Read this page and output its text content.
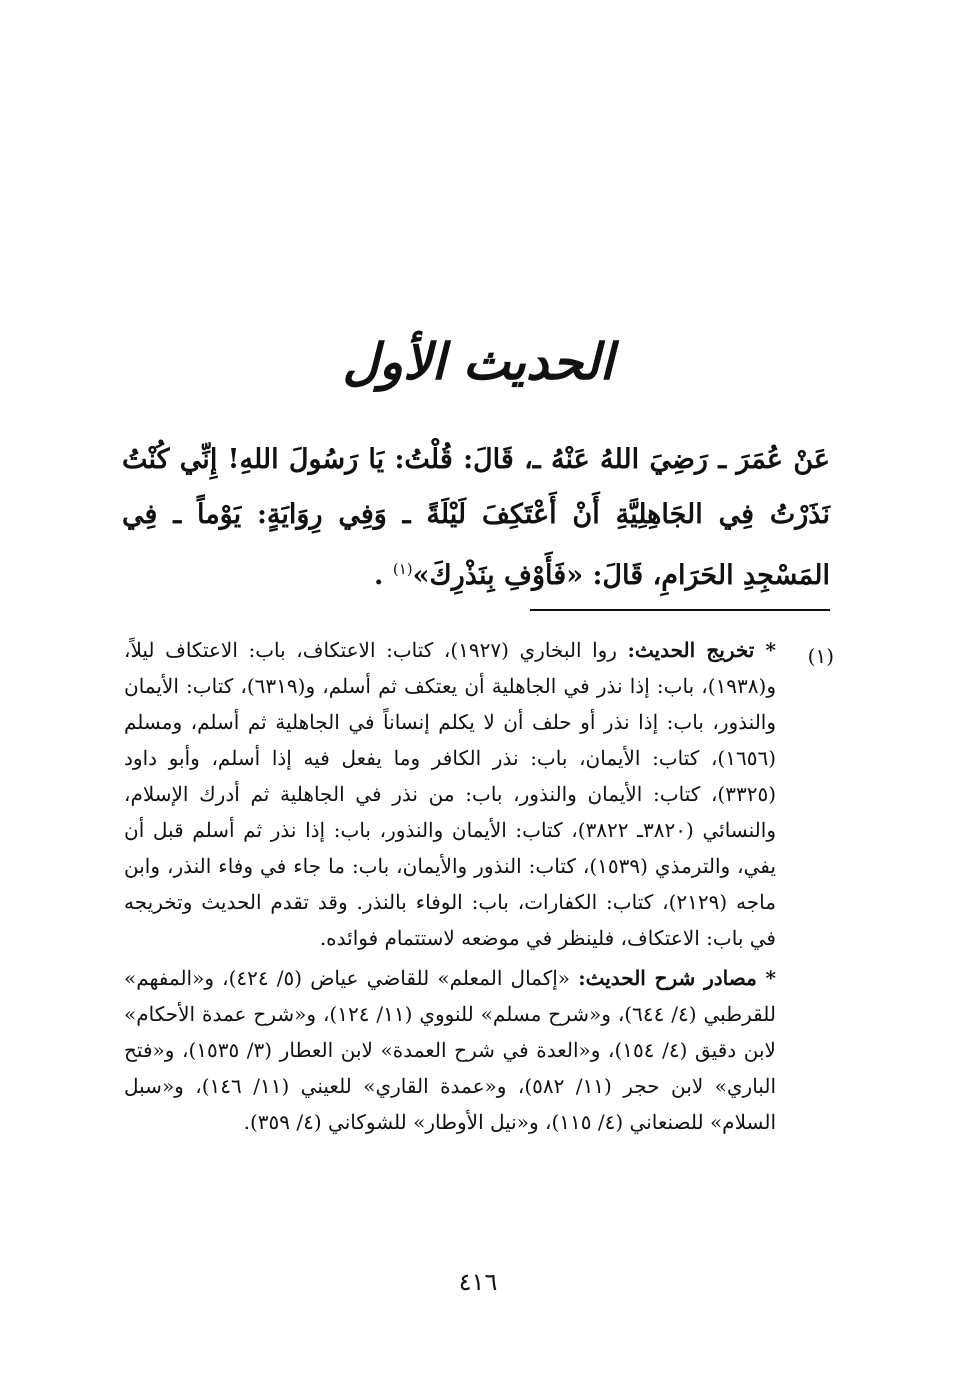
الحديث الأول

عَنْ عُمَرَ ـ رَضِيَ اللهُ عَنْهُ ـ، قَالَ: قُلْتُ: يَا رَسُولَ اللهِ! إِنِّي كُنْتُ نَذَرْتُ فِي الجَاهِلِيَّةِ أَنْ أَعْتَكِفَ لَيْلَةً ـ وَفِي رِوَايَةٍ: يَوْماً ـ فِي المَسْجِدِ الحَرَامِ، قَالَ: «فَأَوْفِ بِنَذْرِكَ»$^{(١)}$ .

(١)

* تخريج الحديث: روا البخاري (١٩٢٧)، كتاب: الاعتكاف، باب: الاعتكاف ليلاً، و(١٩٣٨)، باب: إذا نذر في الجاهلية أن يعتكف ثم أسلم، و(٦٣١٩)، كتاب: الأيمان والنذور، باب: إذا نذر أو حلف أن لا يكلم إنساناً في الجاهلية ثم أسلم، ومسلم (١٦٥٦)، كتاب: الأيمان، باب: نذر الكافر وما يفعل فيه إذا أسلم، وأبو داود (٣٣٢٥)، كتاب: الأيمان والنذور، باب: من نذر في الجاهلية ثم أدرك الإسلام، والنسائي (٣٨٢٠ـ ٣٨٢٢)، كتاب: الأيمان والنذور، باب: إذا نذر ثم أسلم قبل أن يفي، والترمذي (١٥٣٩)، كتاب: النذور والأيمان، باب: ما جاء في وفاء النذر، وابن ماجه (٢١٢٩)، كتاب: الكفارات، باب: الوفاء بالنذر. وقد تقدم الحديث وتخريجه في باب: الاعتكاف، فلينظر في موضعه لاستتمام فوائده.

* مصادر شرح الحديث: «إكمال المعلم» للقاضي عياض (٥/ ٤٢٤)، و«المفهم» للقرطبي (٤/ ٦٤٤)، و«شرح مسلم» للنووي (١١/ ١٢٤)، و«شرح عمدة الأحكام» لابن دقيق (٤/ ١٥٤)، و«العدة في شرح العمدة» لابن العطار (٣/ ١٥٣٥)، و«فتح الباري» لابن حجر (١١/ ٥٨٢)، و«عمدة القاري» للعيني (١١/ ١٤٦)، و«سبل السلام» للصنعاني (٤/ ١١٥)، و«نيل الأوطار» للشوكاني (٤/ ٣٥٩).

٤١٦
